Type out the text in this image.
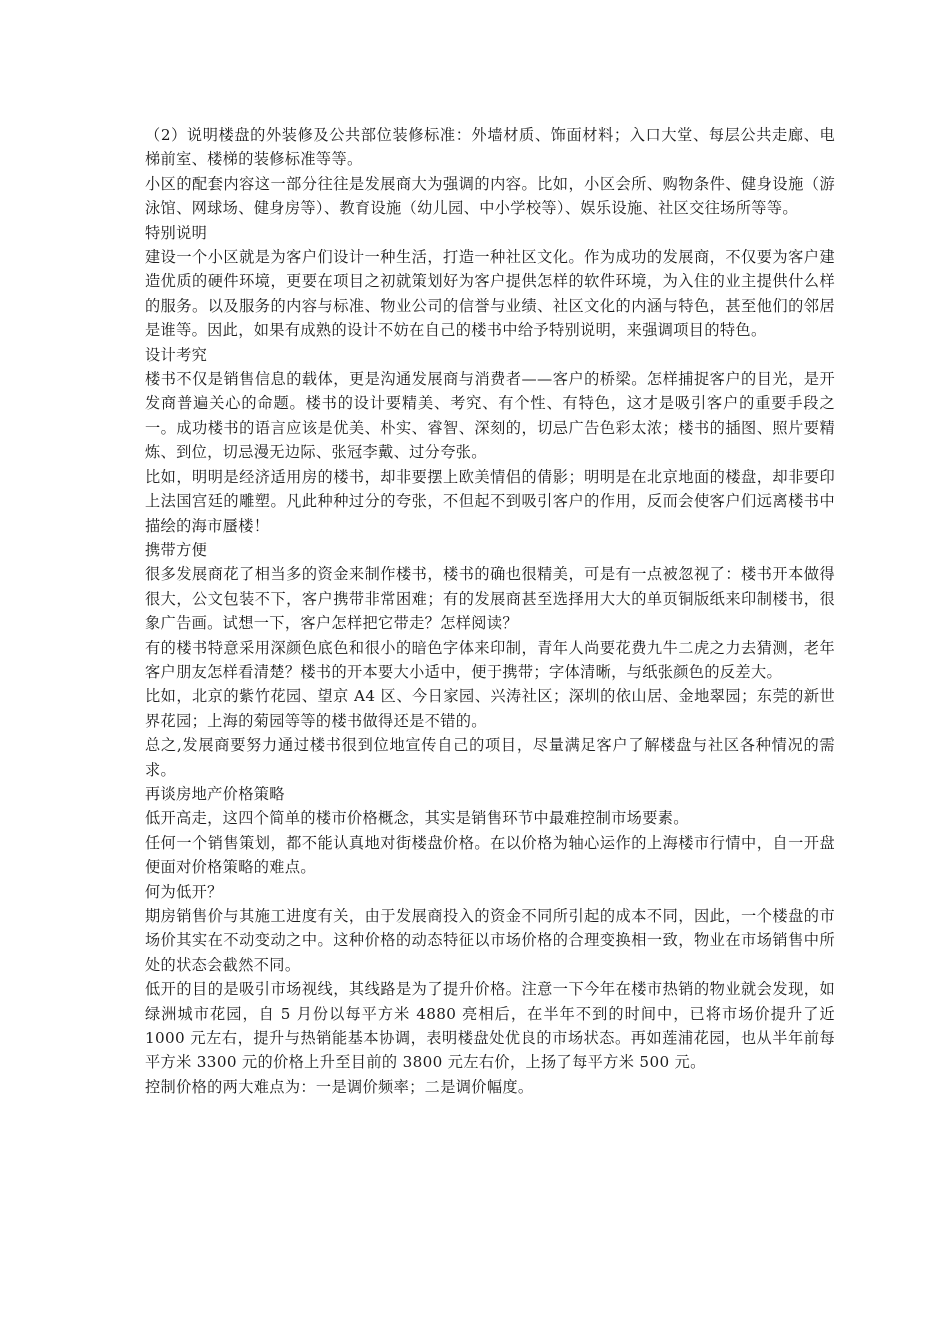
（2）说明楼盘的外装修及公共部位装修标准：外墙材质、饰面材料；入口大堂、每层公共走廊、电梯前室、楼梯的装修标准等等。

小区的配套内容这一部分往往是发展商大为强调的内容。比如，小区会所、购物条件、健身设施（游泳馆、网球场、健身房等）、教育设施（幼儿园、中小学校等）、娱乐设施、社区交往场所等等。

特别说明

建设一个小区就是为客户们设计一种生活，打造一种社区文化。作为成功的发展商，不仅要为客户建造优质的硬件环境，更要在项目之初就策划好为客户提供怎样的软件环境，为入住的业主提供什么样的服务。以及服务的内容与标准、物业公司的信誉与业绩、社区文化的内涵与特色，甚至他们的邻居是谁等。因此，如果有成熟的设计不妨在自己的楼书中给予特别说明，来强调项目的特色。

设计考究

楼书不仅是销售信息的载体，更是沟通发展商与消费者——客户的桥梁。怎样捕捉客户的目光，是开发商普遍关心的命题。楼书的设计要精美、考究、有个性、有特色，这才是吸引客户的重要手段之一。成功楼书的语言应该是优美、朴实、睿智、深刻的，切忌广告色彩太浓；楼书的插图、照片要精炼、到位，切忌漫无边际、张冠李戴、过分夸张。

比如，明明是经济适用房的楼书，却非要摆上欧美情侣的倩影；明明是在北京地面的楼盘，却非要印上法国宫廷的雕塑。凡此种种过分的夸张，不但起不到吸引客户的作用，反而会使客户们远离楼书中描绘的海市蜃楼！

携带方便

很多发展商花了相当多的资金来制作楼书，楼书的确也很精美，可是有一点被忽视了：楼书开本做得很大，公文包装不下，客户携带非常困难；有的发展商甚至选择用大大的单页铜版纸来印制楼书，很象广告画。试想一下，客户怎样把它带走？怎样阅读？

有的楼书特意采用深颜色底色和很小的暗色字体来印制，青年人尚要花费九牛二虎之力去猜测，老年客户朋友怎样看清楚？楼书的开本要大小适中，便于携带；字体清晰，与纸张颜色的反差大。

比如，北京的紫竹花园、望京 A4 区、今日家园、兴涛社区；深圳的依山居、金地翠园；东莞的新世界花园；上海的菊园等等的楼书做得还是不错的。

总之,发展商要努力通过楼书很到位地宣传自己的项目，尽量满足客户了解楼盘与社区各种情况的需求。

再谈房地产价格策略

低开高走，这四个简单的楼市价格概念，其实是销售环节中最难控制市场要素。

任何一个销售策划，都不能认真地对街楼盘价格。在以价格为轴心运作的上海楼市行情中，自一开盘便面对价格策略的难点。

何为低开？

期房销售价与其施工进度有关，由于发展商投入的资金不同所引起的成本不同，因此，一个楼盘的市场价其实在不动变动之中。这种价格的动态特征以市场价格的合理变换相一致，物业在市场销售中所处的状态会截然不同。

低开的目的是吸引市场视线，其线路是为了提升价格。注意一下今年在楼市热销的物业就会发现，如绿洲城市花园，自 5 月份以每平方米 4880 亮相后，在半年不到的时间中，已将市场价提升了近 1000 元左右，提升与热销能基本协调，表明楼盘处优良的市场状态。再如莲浦花园，也从半年前每平方米 3300 元的价格上升至目前的 3800 元左右价，上扬了每平方米 500 元。

控制价格的两大难点为：一是调价频率；二是调价幅度。
